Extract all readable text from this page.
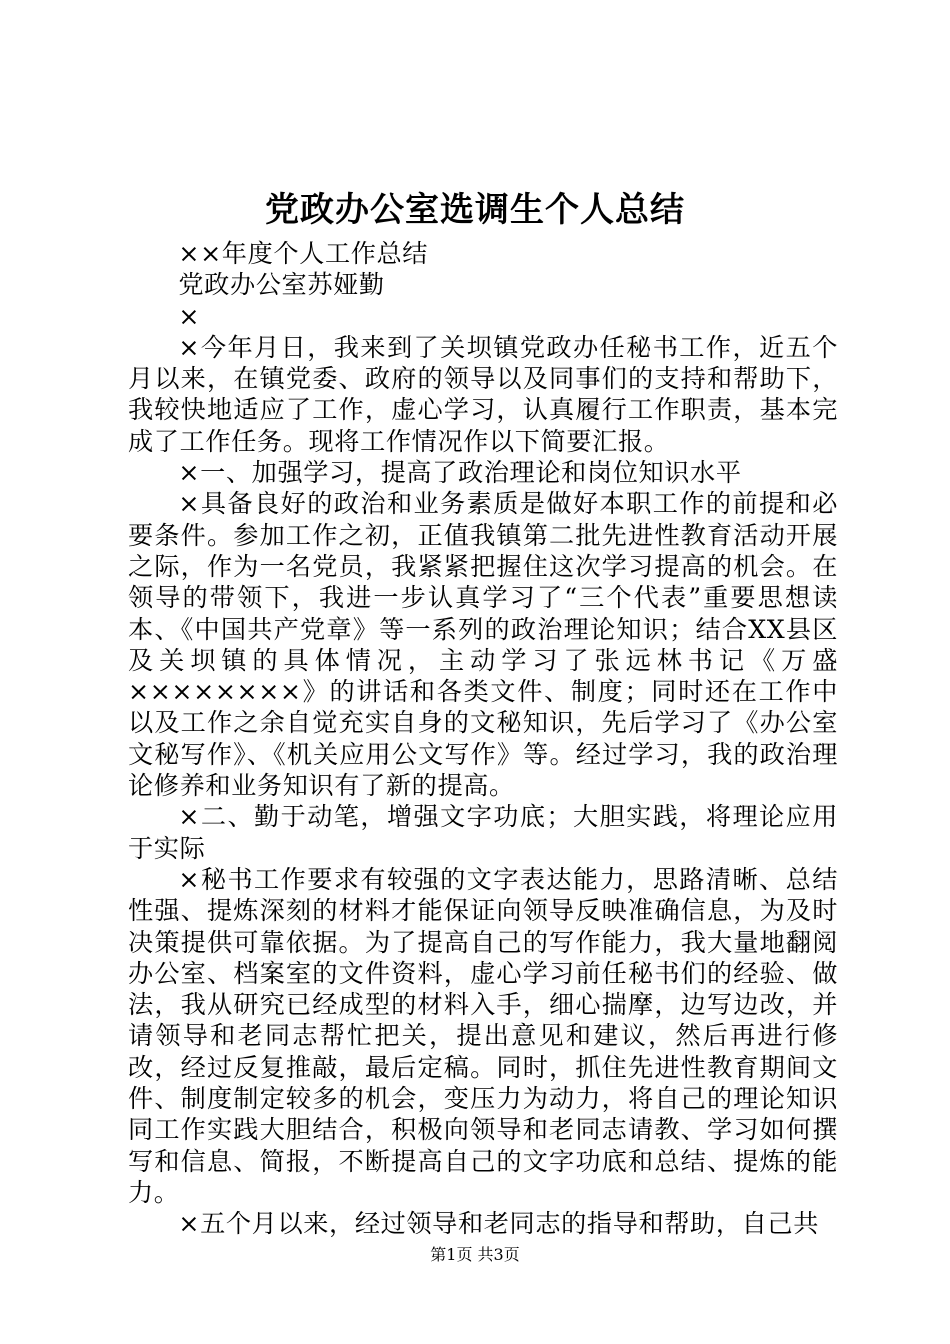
党政办公室选调生个人总结

××年度个人工作总结

党政办公室苏娅勤

×

×今年月日，我来到了关坝镇党政办任秘书工作，近五个月以来，在镇党委、政府的领导以及同事们的支持和帮助下，我较快地适应了工作，虚心学习，认真履行工作职责，基本完成了工作任务。现将工作情况作以下简要汇报。

×一、加强学习，提高了政治理论和岗位知识水平

×具备良好的政治和业务素质是做好本职工作的前提和必要条件。参加工作之初，正值我镇第二批先进性教育活动开展之际，作为一名党员，我紧紧把握住这次学习提高的机会。在领导的带领下，我进一步认真学习了“三个代表”重要思想读本、《中国共产党章》等一系列的政治理论知识；结合XX县区及关坝镇的具体情况，主动学习了张远林书记《万盛××××××××》的讲话和各类文件、制度；同时还在工作中以及工作之余自觉充实自身的文秘知识，先后学习了《办公室文秘写作》、《机关应用公文写作》等。经过学习，我的政治理论修养和业务知识有了新的提高。

×二、勤于动笔，增强文字功底；大胆实践，将理论应用于实际

×秘书工作要求有较强的文字表达能力，思路清晰、总结性强、提炼深刻的材料才能保证向领导反映准确信息，为及时决策提供可靠依据。为了提高自己的写作能力，我大量地翻阅办公室、档案室的文件资料，虚心学习前任秘书们的经验、做法，我从研究已经成型的材料入手，细心揣摩，边写边改，并请领导和老同志帮忙把关，提出意见和建议，然后再进行修改，经过反复推敲，最后定稿。同时，抓住先进性教育期间文件、制度制定较多的机会，变压力为动力，将自己的理论知识同工作实践大胆结合，积极向领导和老同志请教、学习如何撰写和信息、简报，不断提高自己的文字功底和总结、提炼的能力。

×五个月以来，经过领导和老同志的指导和帮助，自己共

第1页 共3页
